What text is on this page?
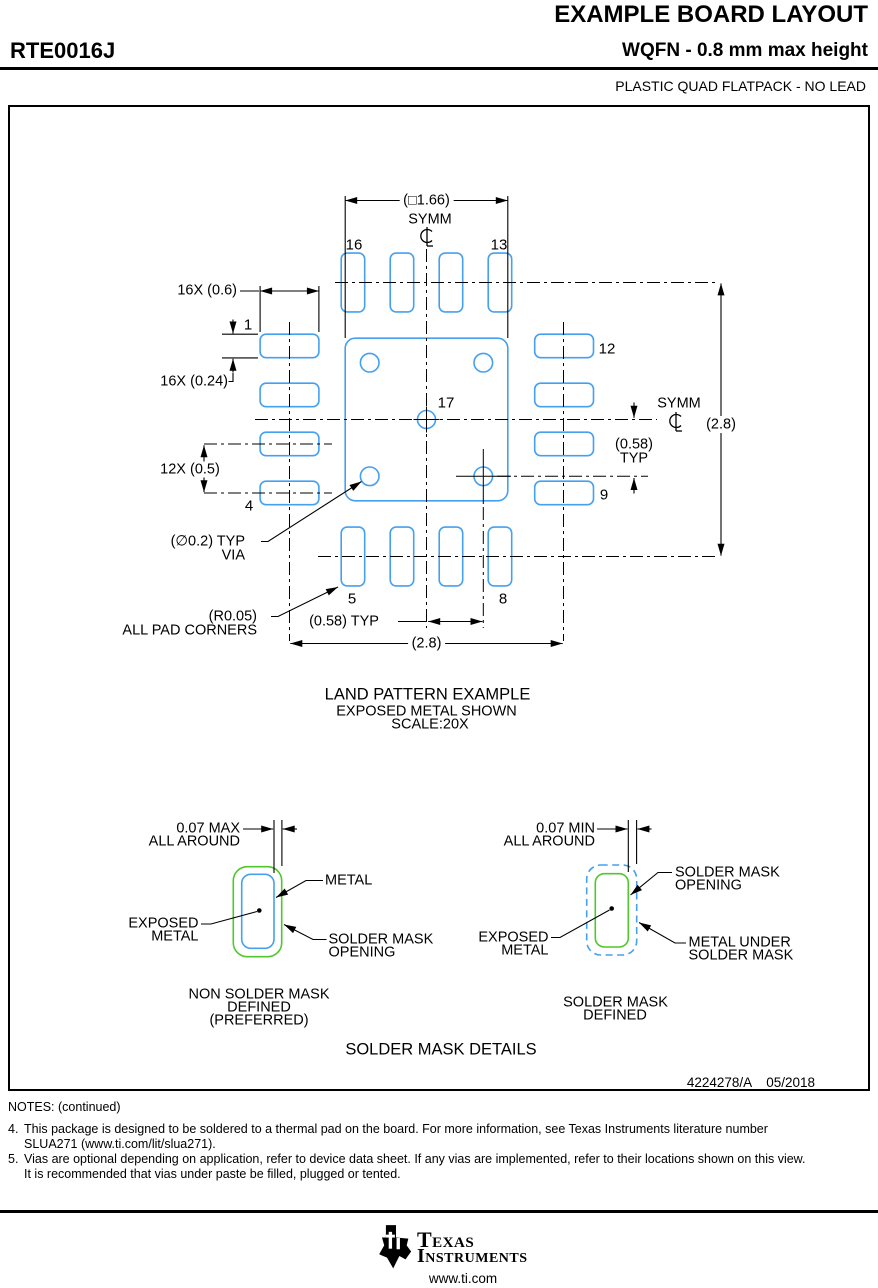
EXAMPLE BOARD LAYOUT
RTE0016J	WQFN - 0.8 mm max height
PLASTIC QUAD FLATPACK - NO LEAD
(□1.66)
SYMM
16	13
16X (0.6)
1
16X (0.24)
12X (0.5)
4
17
12
9
5	8
SYMM
(2.8)
(0.58)
TYP
(∅0.2) TYP
VIA
(R0.05)
ALL PAD CORNERS
(0.58) TYP
(2.8)
LAND PATTERN EXAMPLE
EXPOSED METAL SHOWN
SCALE:20X
0.07 MAX
ALL AROUND
METAL
EXPOSED
METAL	SOLDER MASK
OPENING
NON SOLDER MASK
DEFINED
(PREFERRED)
0.07 MIN
ALL AROUND
SOLDER MASK
OPENING
EXPOSED
METAL	METAL UNDER
SOLDER MASK
SOLDER MASK
DEFINED
SOLDER MASK DETAILS
4224278/A 05/2018
NOTES: (continued)
4. This package is designed to be soldered to a thermal pad on the board. For more information, see Texas Instruments literature number SLUA271 (www.ti.com/lit/slua271).
5. Vias are optional depending on application, refer to device data sheet. If any vias are implemented, refer to their locations shown on this view. It is recommended that vias under paste be filled, plugged or tented.
Texas
Instruments
www.ti.com
